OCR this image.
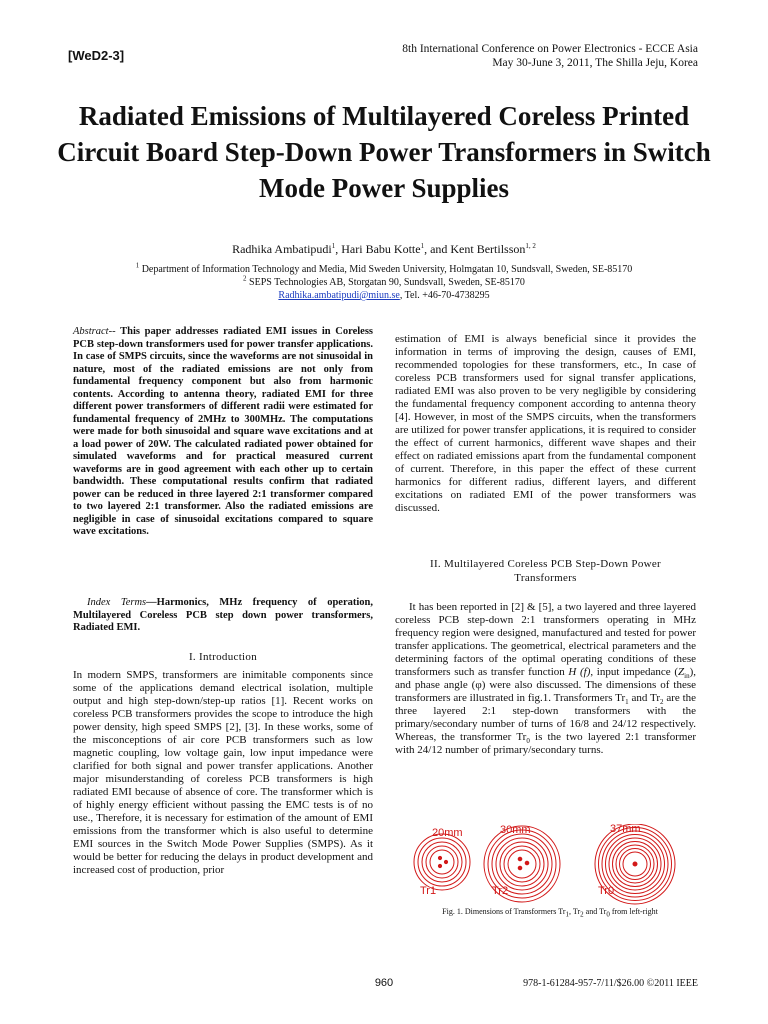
[WeD2-3]	8th International Conference on Power Electronics - ECCE Asia
May 30-June 3, 2011, The Shilla Jeju, Korea
Radiated Emissions of Multilayered Coreless Printed Circuit Board Step-Down Power Transformers in Switch Mode Power Supplies
Radhika Ambatipudi$^1$, Hari Babu Kotte$^1$, and Kent Bertilsson$^{1, 2}$
$^1$ Department of Information Technology and Media, Mid Sweden University, Holmgatan 10, Sundsvall, Sweden, SE-85170
$^2$ SEPS Technologies AB, Storgatan 90, Sundsvall, Sweden, SE-85170
Radhika.ambatipudi@miun.se, Tel. +46-70-4738295
Abstract-- This paper addresses radiated EMI issues in Coreless PCB step-down transformers used for power transfer applications. In case of SMPS circuits, since the waveforms are not sinusoidal in nature, most of the radiated emissions are not only from fundamental frequency component but also from harmonic contents. According to antenna theory, radiated EMI for three different power transformers of different radii were estimated for fundamental frequency of 2MHz to 300MHz. The computations were made for both sinusoidal and square wave excitations and at a load power of 20W. The calculated radiated power obtained for simulated waveforms and for practical measured current waveforms are in good agreement with each other up to certain bandwidth. These computational results confirm that radiated power can be reduced in three layered 2:1 transformer compared to two layered 2:1 transformer. Also the radiated emissions are negligible in case of sinusoidal excitations compared to square wave excitations.
Index Terms—Harmonics, MHz frequency of operation, Multilayered Coreless PCB step down power transformers, Radiated EMI.
I. Introduction
In modern SMPS, transformers are inimitable components since some of the applications demand electrical isolation, multiple output and high step-down/step-up ratios [1]. Recent works on coreless PCB transformers provides the scope to introduce the high power density, high speed SMPS [2], [3]. In these works, some of the misconceptions of air core PCB transformers such as low magnetic coupling, low voltage gain, low input impedance were clarified for both signal and power transfer applications. Another major misunderstanding of coreless PCB transformers is high radiated EMI because of absence of core. The transformer which is of highly energy efficient without passing the EMC tests is of no use., Therefore, it is necessary for estimation of the amount of EMI emissions from the transformer which is also useful to determine EMI sources in the Switch Mode Power Supplies (SMPS). As it would be better for reducing the delays in product development and increased cost of production, prior
estimation of EMI is always beneficial since it provides the information in terms of improving the design, causes of EMI, recommended topologies for these transformers, etc., In case of coreless PCB transformers used for signal transfer applications, radiated EMI was also proven to be very negligible by considering the fundamental frequency component according to antenna theory [4]. However, in most of the SMPS circuits, when the transformers are utilized for power transfer applications, it is required to consider the effect of current harmonics, different wave shapes and their effect on radiated emissions apart from the fundamental component of current. Therefore, in this paper the effect of these current harmonics for different radius, different layers, and different excitations on radiated EMI of the power transformers was discussed.
II. Multilayered Coreless PCB Step-Down Power
Transformers
It has been reported in [2] & [5], a two layered and three layered coreless PCB step-down 2:1 transformers operating in MHz frequency region were designed, manufactured and tested for power transfer applications. The geometrical, electrical parameters and the determining factors of the optimal operating conditions of these transformers such as transfer function H (f), input impedance $(Z_{in})$, and phase angle (φ) were also discussed. The dimensions of these transformers are illustrated in fig.1. Transformers $Tr_1$ and $Tr_2$ are the three layered 2:1 step-down transformers with the primary/secondary number of turns of 16/8 and 24/12 respectively. Whereas, the transformer $Tr_0$ is the two layered 2:1 transformer with 24/12 number of primary/secondary turns.
20mm	30mm	37mm
Tr1	Tr2	Tr0
Fig. 1. Dimensions of Transformers $Tr_1$, $Tr_2$ and $Tr_0$ from left-right
960	978-1-61284-957-7/11/$26.00 ©2011 IEEE
